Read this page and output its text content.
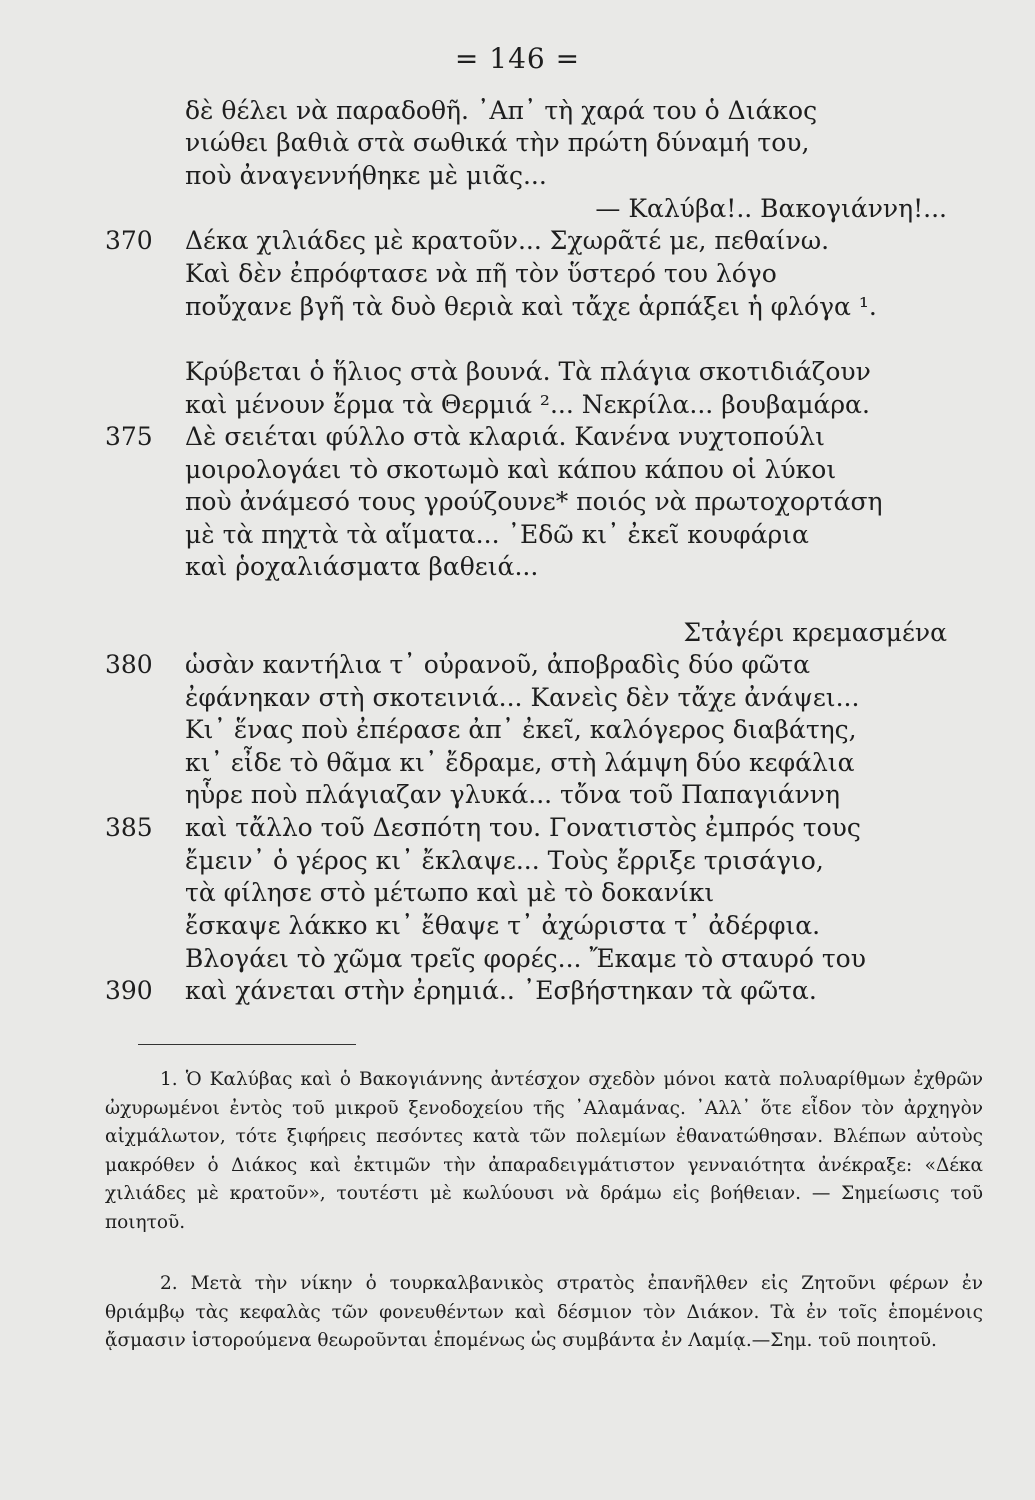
= 146 =
δὲ θέλει νὰ παραδοθῆ. ᾿Απ᾿ τὴ χαρά του ὁ Διάκος
νιώθει βαθιὰ στὰ σωθικά τὴν πρώτη δύναμή του,
ποὺ ἀναγεννήθηκε μὲ μιᾶς...
— Καλύβα!.. Βακογιάννη!...
Δέκα χιλιάδες μὲ κρατοῦν... Σχωρᾶτέ με, πεθαίνω.
370
Καὶ δὲν ἐπρόφτασε νὰ πῆ τὸν ὕστερό του λόγο
ποὔχανε βγῆ τὰ δυὸ θεριὰ καὶ τἄχε ἁρπάξει ἡ φλόγα ¹.
Κρύβεται ὁ ἥλιος στὰ βουνά. Τὰ πλάγια σκοτιδιάζουν
καὶ μένουν ἔρμα τὰ Θερμιά ²... Νεκρίλα... βουβαμάρα.
Δὲ σειέται φύλλο στὰ κλαριά. Κανένα νυχτοπούλι
375
μοιρολογάει τὸ σκοτωμὸ καὶ κάπου κάπου οἱ λύκοι
ποὺ ἀνάμεσό τους γρούζουνε* ποιός νὰ πρωτοχορτάση
μὲ τὰ πηχτὰ τὰ αἵματα... ᾿Εδῶ κι᾿ ἐκεῖ κουφάρια
καὶ ῥοχαλιάσματα βαθειά...
Στἀγέρι κρεμασμένα
ὡσὰν καντήλια τ᾿ οὐρανοῦ, ἀποβραδὶς δύο φῶτα
380
ἐφάνηκαν στὴ σκοτεινιά... Κανεὶς δὲν τἄχε ἀνάψει...
Κι᾿ ἕνας ποὺ ἐπέρασε ἀπ᾿ ἐκεῖ, καλόγερος διαβάτης,
κι᾿ εἶδε τὸ θᾶμα κι᾿ ἔδραμε, στὴ λάμψη δύο κεφάλια
ηὗρε ποὺ πλάγιαζαν γλυκά... τὄνα τοῦ Παπαγιάννη
καὶ τἄλλο τοῦ Δεσπότη του. Γονατιστὸς ἐμπρός τους
385
ἔμειν᾿ ὁ γέρος κι᾿ ἔκλαψε... Τοὺς ἔρριξε τρισάγιο,
τὰ φίλησε στὸ μέτωπο καὶ μὲ τὸ δοκανίκι
ἔσκαψε λάκκο κι᾿ ἔθαψε τ᾿ ἀχώριστα τ᾿ ἀδέρφια.
Βλογάει τὸ χῶμα τρεῖς φορές... Ἔκαμε τὸ σταυρό του
καὶ χάνεται στὴν ἐρημιά.. ᾿Εσβήστηκαν τὰ φῶτα.
390

1. Ὁ Καλύβας καὶ ὁ Βακογιάννης ἀντέσχον σχεδὸν μόνοι κατὰ πολυαρίθμων ἐχθρῶν ὠχυρωμένοι ἐντὸς τοῦ μικροῦ ξενοδοχείου τῆς ᾿Αλαμάνας. ᾿Αλλ᾿ ὅτε εἶδον τὸν ἀρχηγὸν αἰχμάλωτον, τότε ξιφήρεις πεσόντες κατὰ τῶν πολεμίων ἐθανατώθησαν. Βλέπων αὐτοὺς μακρόθεν ὁ Διάκος καὶ ἐκτιμῶν τὴν ἀπαραδειγμάτιστον γενναιότητα ἀνέκραξε: «Δέκα χιλιάδες μὲ κρατοῦν», τουτέστι μὲ κωλύουσι νὰ δράμω εἰς βοήθειαν. — Σημείωσις τοῦ ποιητοῦ.

2. Μετὰ τὴν νίκην ὁ τουρκαλβανικὸς στρατὸς ἐπανῆλθεν εἰς Ζητοῦνι φέρων ἐν θριάμβῳ τὰς κεφαλὰς τῶν φονευθέντων καὶ δέσμιον τὸν Διάκον. Τὰ ἐν τοῖς ἑπομένοις ᾄσμασιν ἱστορούμενα θεωροῦνται ἑπομένως ὡς συμβάντα ἐν Λαμίᾳ.—Σημ. τοῦ ποιητοῦ.
